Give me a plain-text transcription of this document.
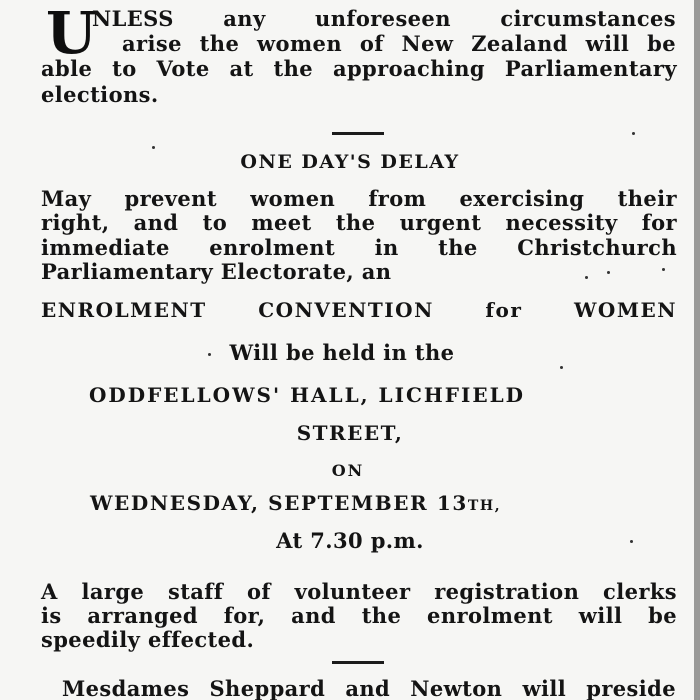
U
NLESS any unforeseen circumstances
arise the women of New Zealand will be
able to Vote at the approaching Parliamentary
elections.
ONE DAY'S DELAY
May prevent women from exercising their
right, and to meet the urgent necessity for
immediate enrolment in the Christchurch
Parliamentary Electorate, an
ENROLMENT CONVENTION for WOMEN
Will be held in the
ODDFELLOWS' HALL, LICHFIELD
STREET,
ON
WEDNESDAY, SEPTEMBER 13TH,
At 7.30 p.m.
A large staff of volunteer registration clerks
is arranged for, and the enrolment will be
speedily effected.
Mesdames Sheppard and Newton will preside
